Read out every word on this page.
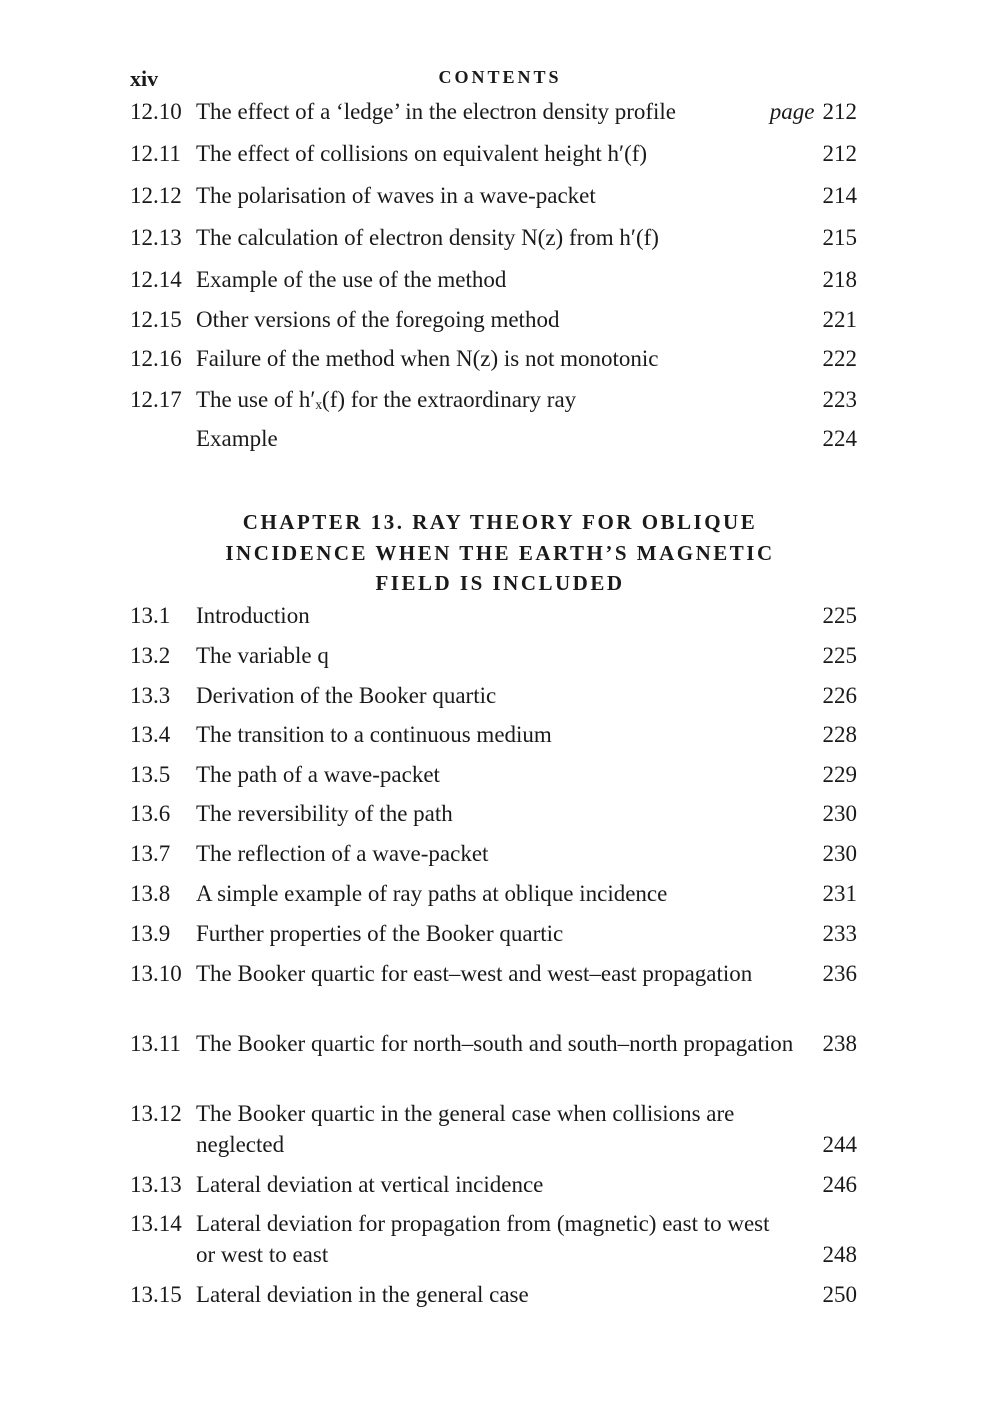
xiv	CONTENTS
CHAPTER 13. RAY THEORY FOR OBLIQUE
INCIDENCE WHEN THE EARTH’S MAGNETIC
FIELD IS INCLUDED
12.10 The effect of a ‘ledge’ in the electron density profile	page 212
12.11 The effect of collisions on equivalent height h′(f)	212
12.12 The polarisation of waves in a wave-packet	214
12.13 The calculation of electron density N(z) from h′(f)	215
12.14 Example of the use of the method	218
12.15 Other versions of the foregoing method	221
12.16 Failure of the method when N(z) is not monotonic	222
12.17 The use of h′ₓ(f) for the extraordinary ray	223
Example	224
13.1 Introduction	225
13.2 The variable q	225
13.3 Derivation of the Booker quartic	226
13.4 The transition to a continuous medium	228
13.5 The path of a wave-packet	229
13.6 The reversibility of the path	230
13.7 The reflection of a wave-packet	230
13.8 A simple example of ray paths at oblique incidence	231
13.9 Further properties of the Booker quartic	233
13.10 The Booker quartic for east–west and west–east propagation	236
13.11 The Booker quartic for north–south and south–north propagation 238
13.12 The Booker quartic in the general case when collisions are neglected	244
13.13 Lateral deviation at vertical incidence	246
13.14 Lateral deviation for propagation from (magnetic) east to west or west to east	248
13.15 Lateral deviation in the general case	250
